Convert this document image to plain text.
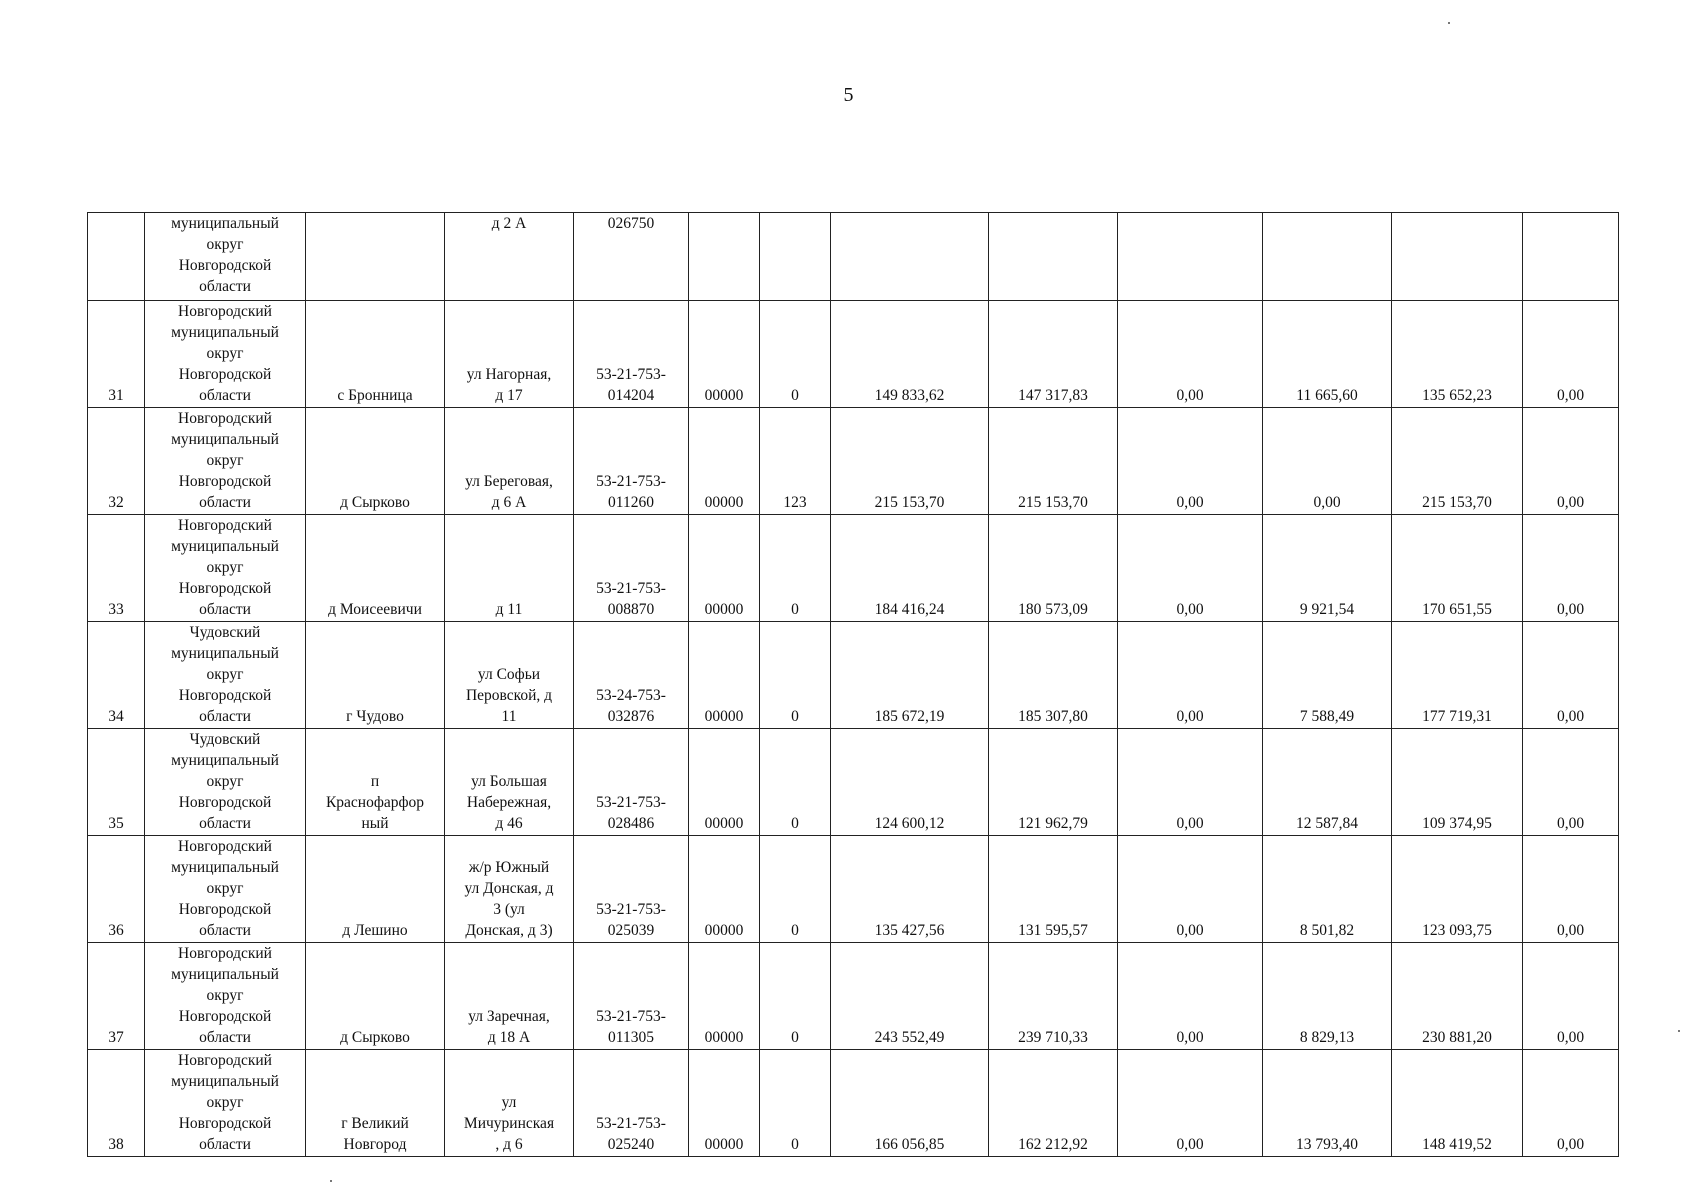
5

	муниципальный
округ
Новгородской
области		д 2 А	026750								

31	Новгородский
муниципальный
округ
Новгородской
области	с Бронница	ул Нагорная,
д 17	53-21-753-
014204	00000	0	149 833,62	147 317,83	0,00	11 665,60	135 652,23	0,00

32	Новгородский
муниципальный
округ
Новгородской
области	д Сырково	ул Береговая,
д 6 А	53-21-753-
011260	00000	123	215 153,70	215 153,70	0,00	0,00	215 153,70	0,00

33	Новгородский
муниципальный
округ
Новгородской
области	д Моисеевичи	д 11	53-21-753-
008870	00000	0	184 416,24	180 573,09	0,00	9 921,54	170 651,55	0,00

34	Чудовский
муниципальный
округ
Новгородской
области	г Чудово	ул Софьи
Перовской, д
11	53-24-753-
032876	00000	0	185 672,19	185 307,80	0,00	7 588,49	177 719,31	0,00

35	Чудовский
муниципальный
округ
Новгородской
области	п
Краснофарфор
ный	ул Большая
Набережная,
д 46	53-21-753-
028486	00000	0	124 600,12	121 962,79	0,00	12 587,84	109 374,95	0,00

36	Новгородский
муниципальный
округ
Новгородской
области	д Лешино	ж/р Южный
ул Донская, д
3 (ул
Донская, д 3)	53-21-753-
025039	00000	0	135 427,56	131 595,57	0,00	8 501,82	123 093,75	0,00

37	Новгородский
муниципальный
округ
Новгородской
области	д Сырково	ул Заречная,
д 18 А	53-21-753-
011305	00000	0	243 552,49	239 710,33	0,00	8 829,13	230 881,20	0,00

38	Новгородский
муниципальный
округ
Новгородской
области	г Великий
Новгород	ул
Мичуринская
, д 6	53-21-753-
025240	00000	0	166 056,85	162 212,92	0,00	13 793,40	148 419,52	0,00
